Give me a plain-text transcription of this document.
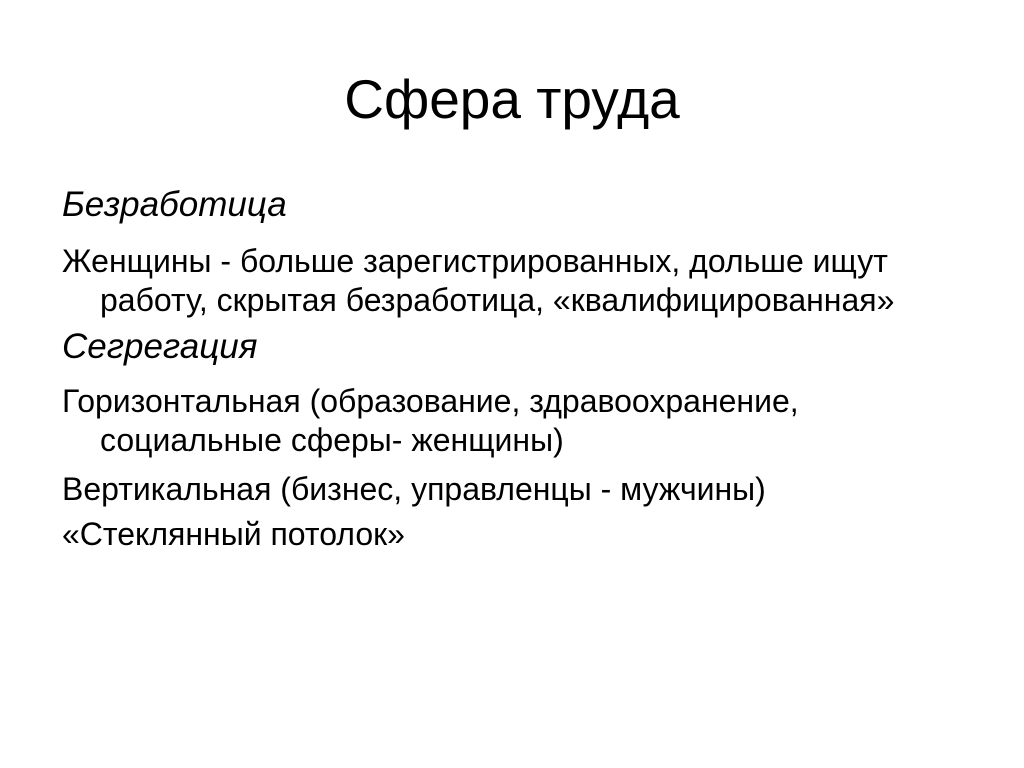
Сфера труда

Безработица

Женщины - больше зарегистрированных, дольше ищут работу, скрытая безработица, «квалифицированная»

Сегрегация

Горизонтальная (образование, здравоохранение, социальные сферы- женщины)

Вертикальная (бизнес, управленцы - мужчины)

«Стеклянный потолок»
